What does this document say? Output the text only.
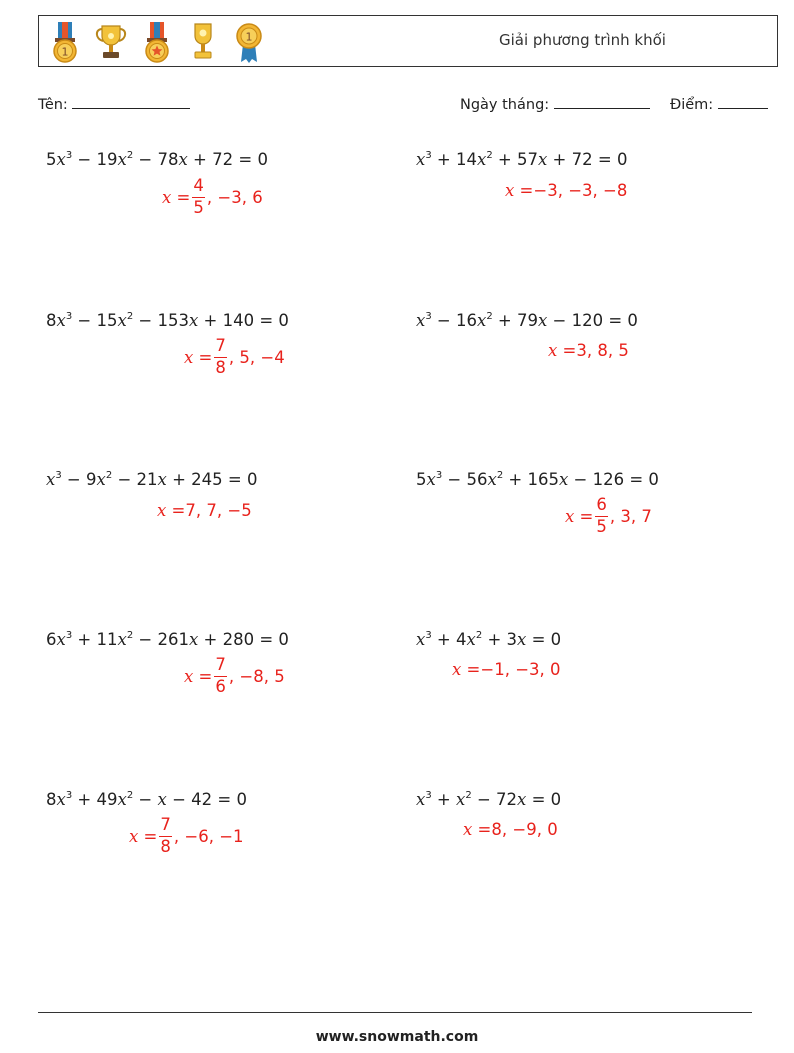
1
1	Giải phương trình khối
Tên:	Ngày tháng:	Điểm:
$5x^3 - 19x^2 - 78x + 72 = 0$
$x = \frac{4}{5}$ , −3, 6
$x^3 + 14x^2 + 57x + 72 = 0$
x = −3, −3, −8
$8x^3 - 15x^2 - 153x + 140 = 0$
$x = \frac{7}{8}$ , 5, −4
$x^3 - 16x^2 + 79x - 120 = 0$
x = 3, 8, 5
$x^3 - 9x^2 - 21x + 245 = 0$
x = 7, 7, −5
$5x^3 - 56x^2 + 165x - 126 = 0$
$x = \frac{6}{5}$ , 3, 7
$6x^3 + 11x^2 - 261x + 280 = 0$
$x = \frac{7}{6}$ , −8, 5
$x^3 + 4x^2 + 3x = 0$
x = −1, −3, 0
$8x^3 + 49x^2 - x - 42 = 0$
$x = \frac{7}{8}$ , −6, −1
$x^3 + x^2 - 72x = 0$
x = 8, −9, 0
www.snowmath.com
